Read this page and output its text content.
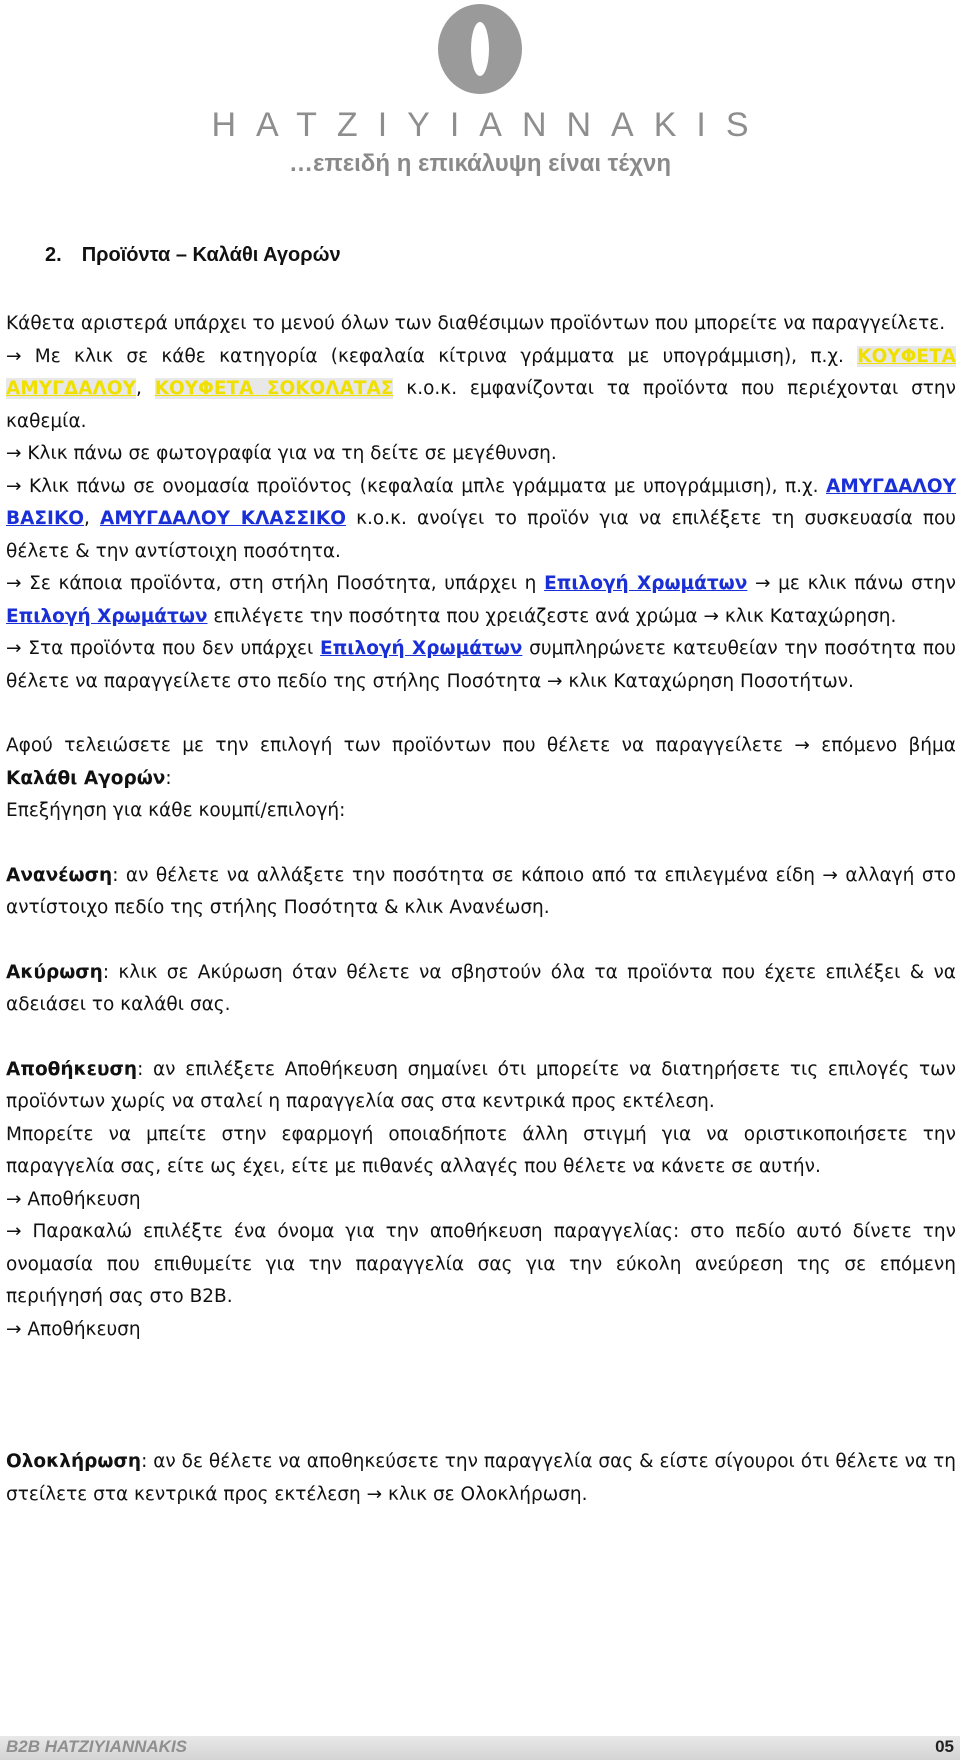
HATZIYIANNAKIS
…επειδή η επικάλυψη είναι τέχνη
2. Προϊόντα – Καλάθι Αγορών

Κάθετα αριστερά υπάρχει το μενού όλων των διαθέσιμων προϊόντων που μπορείτε να παραγγείλετε.
→ Με κλικ σε κάθε κατηγορία (κεφαλαία κίτρινα γράμματα με υπογράμμιση), π.χ. ΚΟΥΦΕΤΑ ΑΜΥΓΔΑΛΟΥ, ΚΟΥΦΕΤΑ ΣΟΚΟΛΑΤΑΣ κ.ο.κ. εμφανίζονται τα προϊόντα που περιέχονται στην καθεμία.
→ Κλικ πάνω σε φωτογραφία για να τη δείτε σε μεγέθυνση.
→ Κλικ πάνω σε ονομασία προϊόντος (κεφαλαία μπλε γράμματα με υπογράμμιση), π.χ. ΑΜΥΓΔΑΛΟΥ ΒΑΣΙΚΟ, ΑΜΥΓΔΑΛΟΥ ΚΛΑΣΣΙΚΟ κ.ο.κ. ανοίγει το προϊόν για να επιλέξετε τη συσκευασία που θέλετε & την αντίστοιχη ποσότητα.
→ Σε κάποια προϊόντα, στη στήλη Ποσότητα, υπάρχει η Επιλογή Χρωμάτων → με κλικ πάνω στην Επιλογή Χρωμάτων επιλέγετε την ποσότητα που χρειάζεστε ανά χρώμα → κλικ Καταχώρηση.
→ Στα προϊόντα που δεν υπάρχει Επιλογή Χρωμάτων συμπληρώνετε κατευθείαν την ποσότητα που θέλετε να παραγγείλετε στο πεδίο της στήλης Ποσότητα → κλικ Καταχώρηση Ποσοτήτων.

Αφού τελειώσετε με την επιλογή των προϊόντων που θέλετε να παραγγείλετε → επόμενο βήμα Καλάθι Αγορών:
Επεξήγηση για κάθε κουμπί/επιλογή:

Ανανέωση: αν θέλετε να αλλάξετε την ποσότητα σε κάποιο από τα επιλεγμένα είδη → αλλαγή στο αντίστοιχο πεδίο της στήλης Ποσότητα & κλικ Ανανέωση.

Ακύρωση: κλικ σε Ακύρωση όταν θέλετε να σβηστούν όλα τα προϊόντα που έχετε επιλέξει & να αδειάσει το καλάθι σας.

Αποθήκευση: αν επιλέξετε Αποθήκευση σημαίνει ότι μπορείτε να διατηρήσετε τις επιλογές των προϊόντων χωρίς να σταλεί η παραγγελία σας στα κεντρικά προς εκτέλεση.
Μπορείτε να μπείτε στην εφαρμογή οποιαδήποτε άλλη στιγμή για να οριστικοποιήσετε την παραγγελία σας, είτε ως έχει, είτε με πιθανές αλλαγές που θέλετε να κάνετε σε αυτήν.
→ Αποθήκευση
→ Παρακαλώ επιλέξτε ένα όνομα για την αποθήκευση παραγγελίας: στο πεδίο αυτό δίνετε την ονομασία που επιθυμείτε για την παραγγελία σας για την εύκολη ανεύρεση της σε επόμενη περιήγησή σας στο B2B.
→ Αποθήκευση

Ολοκλήρωση: αν δε θέλετε να αποθηκεύσετε την παραγγελία σας & είστε σίγουροι ότι θέλετε να τη στείλετε στα κεντρικά προς εκτέλεση → κλικ σε Ολοκλήρωση.

B2B HATZIYIANNAKIS	05
